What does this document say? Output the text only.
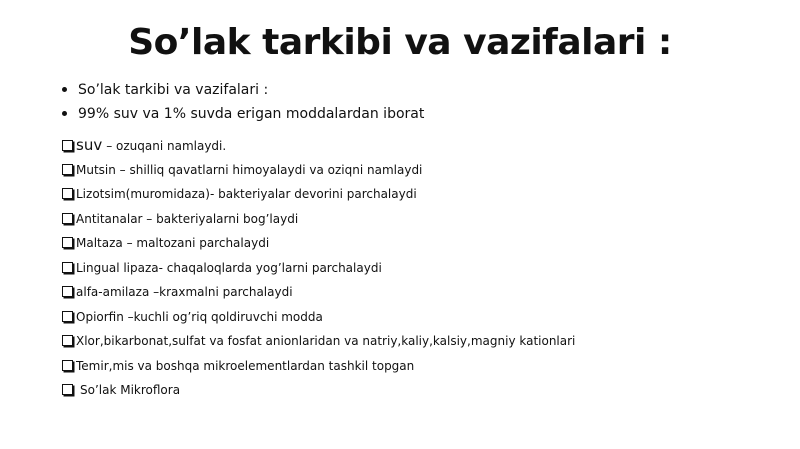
So’lak tarkibi va vazifalari :
So’lak tarkibi va vazifalari :
99% suv va 1% suvda erigan moddalardan iborat
suv – ozuqani namlaydi.
Mutsin – shilliq qavatlarni himoyalaydi va oziqni namlaydi
Lizotsim(muromidaza)- bakteriyalar devorini parchalaydi
Antitanalar – bakteriyalarni bog’laydi
Maltaza – maltozani parchalaydi
Lingual lipaza- chaqaloqlarda yog’larni parchalaydi
alfa-amilaza –kraxmalni parchalaydi
Opiorfin –kuchli og’riq qoldiruvchi modda
Xlor,bikarbonat,sulfat va fosfat anionlaridan va natriy,kaliy,kalsiy,magniy kationlari
Temir,mis va boshqa mikroelementlardan tashkil topgan
So’lak Mikroflora
